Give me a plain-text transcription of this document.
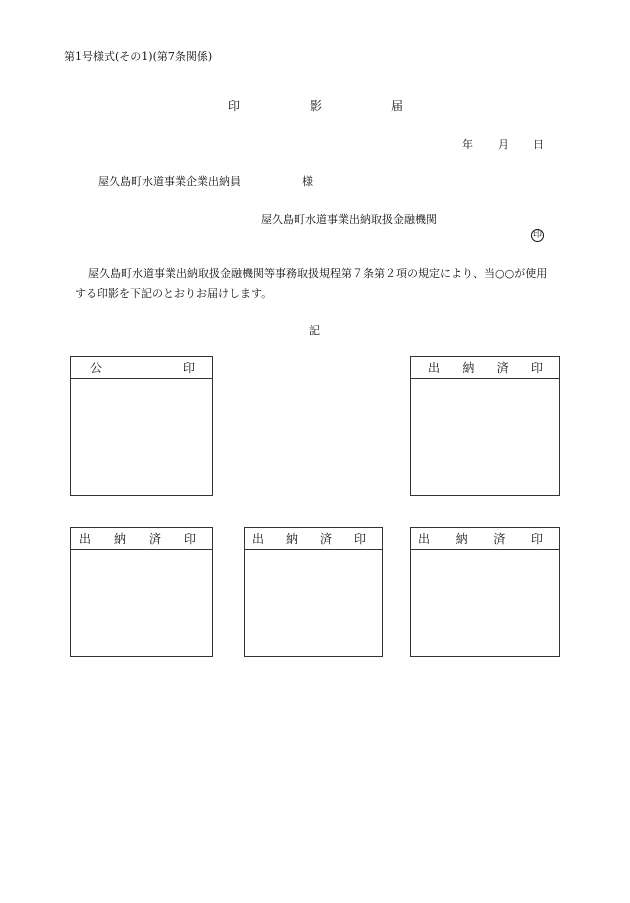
第1号様式(その1)(第7条関係)
印	影	届
年 月 日
屋久島町水道事業企業出納員	様
屋久島町水道事業出納取扱金融機関
印
屋久島町水道事業出納取扱金融機関等事務取扱規程第７条第２項の規定により、当○○が使用
する印影を下記のとおりお届けします。
記
公	印	出 納 済 印
出 納 済 印	出 納 済 印	出 納 済 印
